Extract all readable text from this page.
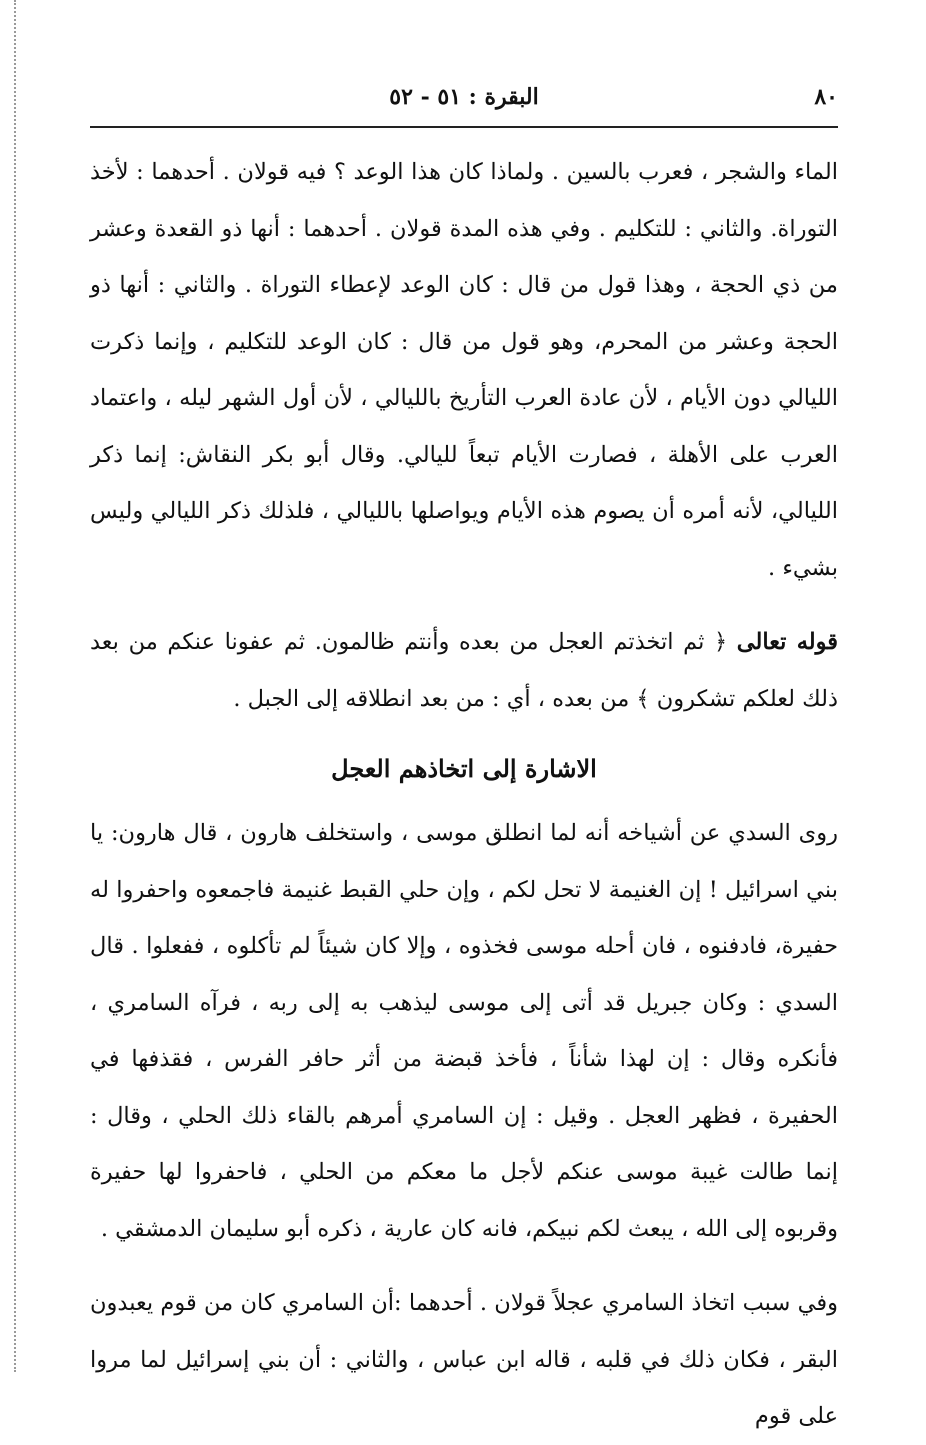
٨٠
البقرة : ٥١ - ٥٢

الماء والشجر ، فعرب بالسين . ولماذا كان هذا الوعد ؟ فيه قولان . أحدهما : لأخذ التوراة. والثاني : للتكليم . وفي هذه المدة قولان . أحدهما : أنها ذو القعدة وعشر من ذي الحجة ، وهذا قول من قال : كان الوعد لإعطاء التوراة . والثاني : أنها ذو الحجة وعشر من المحرم، وهو قول من قال : كان الوعد للتكليم ، وإنما ذكرت الليالي دون الأيام ، لأن عادة العرب التأريخ بالليالي ، لأن أول الشهر ليله ، واعتماد العرب على الأهلة ، فصارت الأيام تبعاً لليالي. وقال أبو بكر النقاش: إنما ذكر الليالي، لأنه أمره أن يصوم هذه الأيام ويواصلها بالليالي ، فلذلك ذكر الليالي وليس بشيء .

قوله تعالى ﴿ ثم اتخذتم العجل من بعده وأنتم ظالمون. ثم عفونا عنكم من بعد ذلك لعلكم تشكرون ﴾ من بعده ، أي : من بعد انطلاقه إلى الجبل .

الاشارة إلى اتخاذهم العجل

روى السدي عن أشياخه أنه لما انطلق موسى ، واستخلف هارون ، قال هارون: يا بني اسرائيل ! إن الغنيمة لا تحل لكم ، وإن حلي القبط غنيمة فاجمعوه واحفروا له حفيرة، فادفنوه ، فان أحله موسى فخذوه ، وإلا كان شيئاً لم تأكلوه ، ففعلوا . قال السدي : وكان جبريل قد أتى إلى موسى ليذهب به إلى ربه ، فرآه السامري ، فأنكره وقال : إن لهذا شأناً ، فأخذ قبضة من أثر حافر الفرس ، فقذفها في الحفيرة ، فظهر العجل . وقيل : إن السامري أمرهم بالقاء ذلك الحلي ، وقال : إنما طالت غيبة موسى عنكم لأجل ما معكم من الحلي ، فاحفروا لها حفيرة وقربوه إلى الله ، يبعث لكم نبيكم، فانه كان عارية ، ذكره أبو سليمان الدمشقي .

وفي سبب اتخاذ السامري عجلاً قولان . أحدهما :أن السامري كان من قوم يعبدون البقر ، فكان ذلك في قلبه ، قاله ابن عباس ، والثاني : أن بني إسرائيل لما مروا على قوم
